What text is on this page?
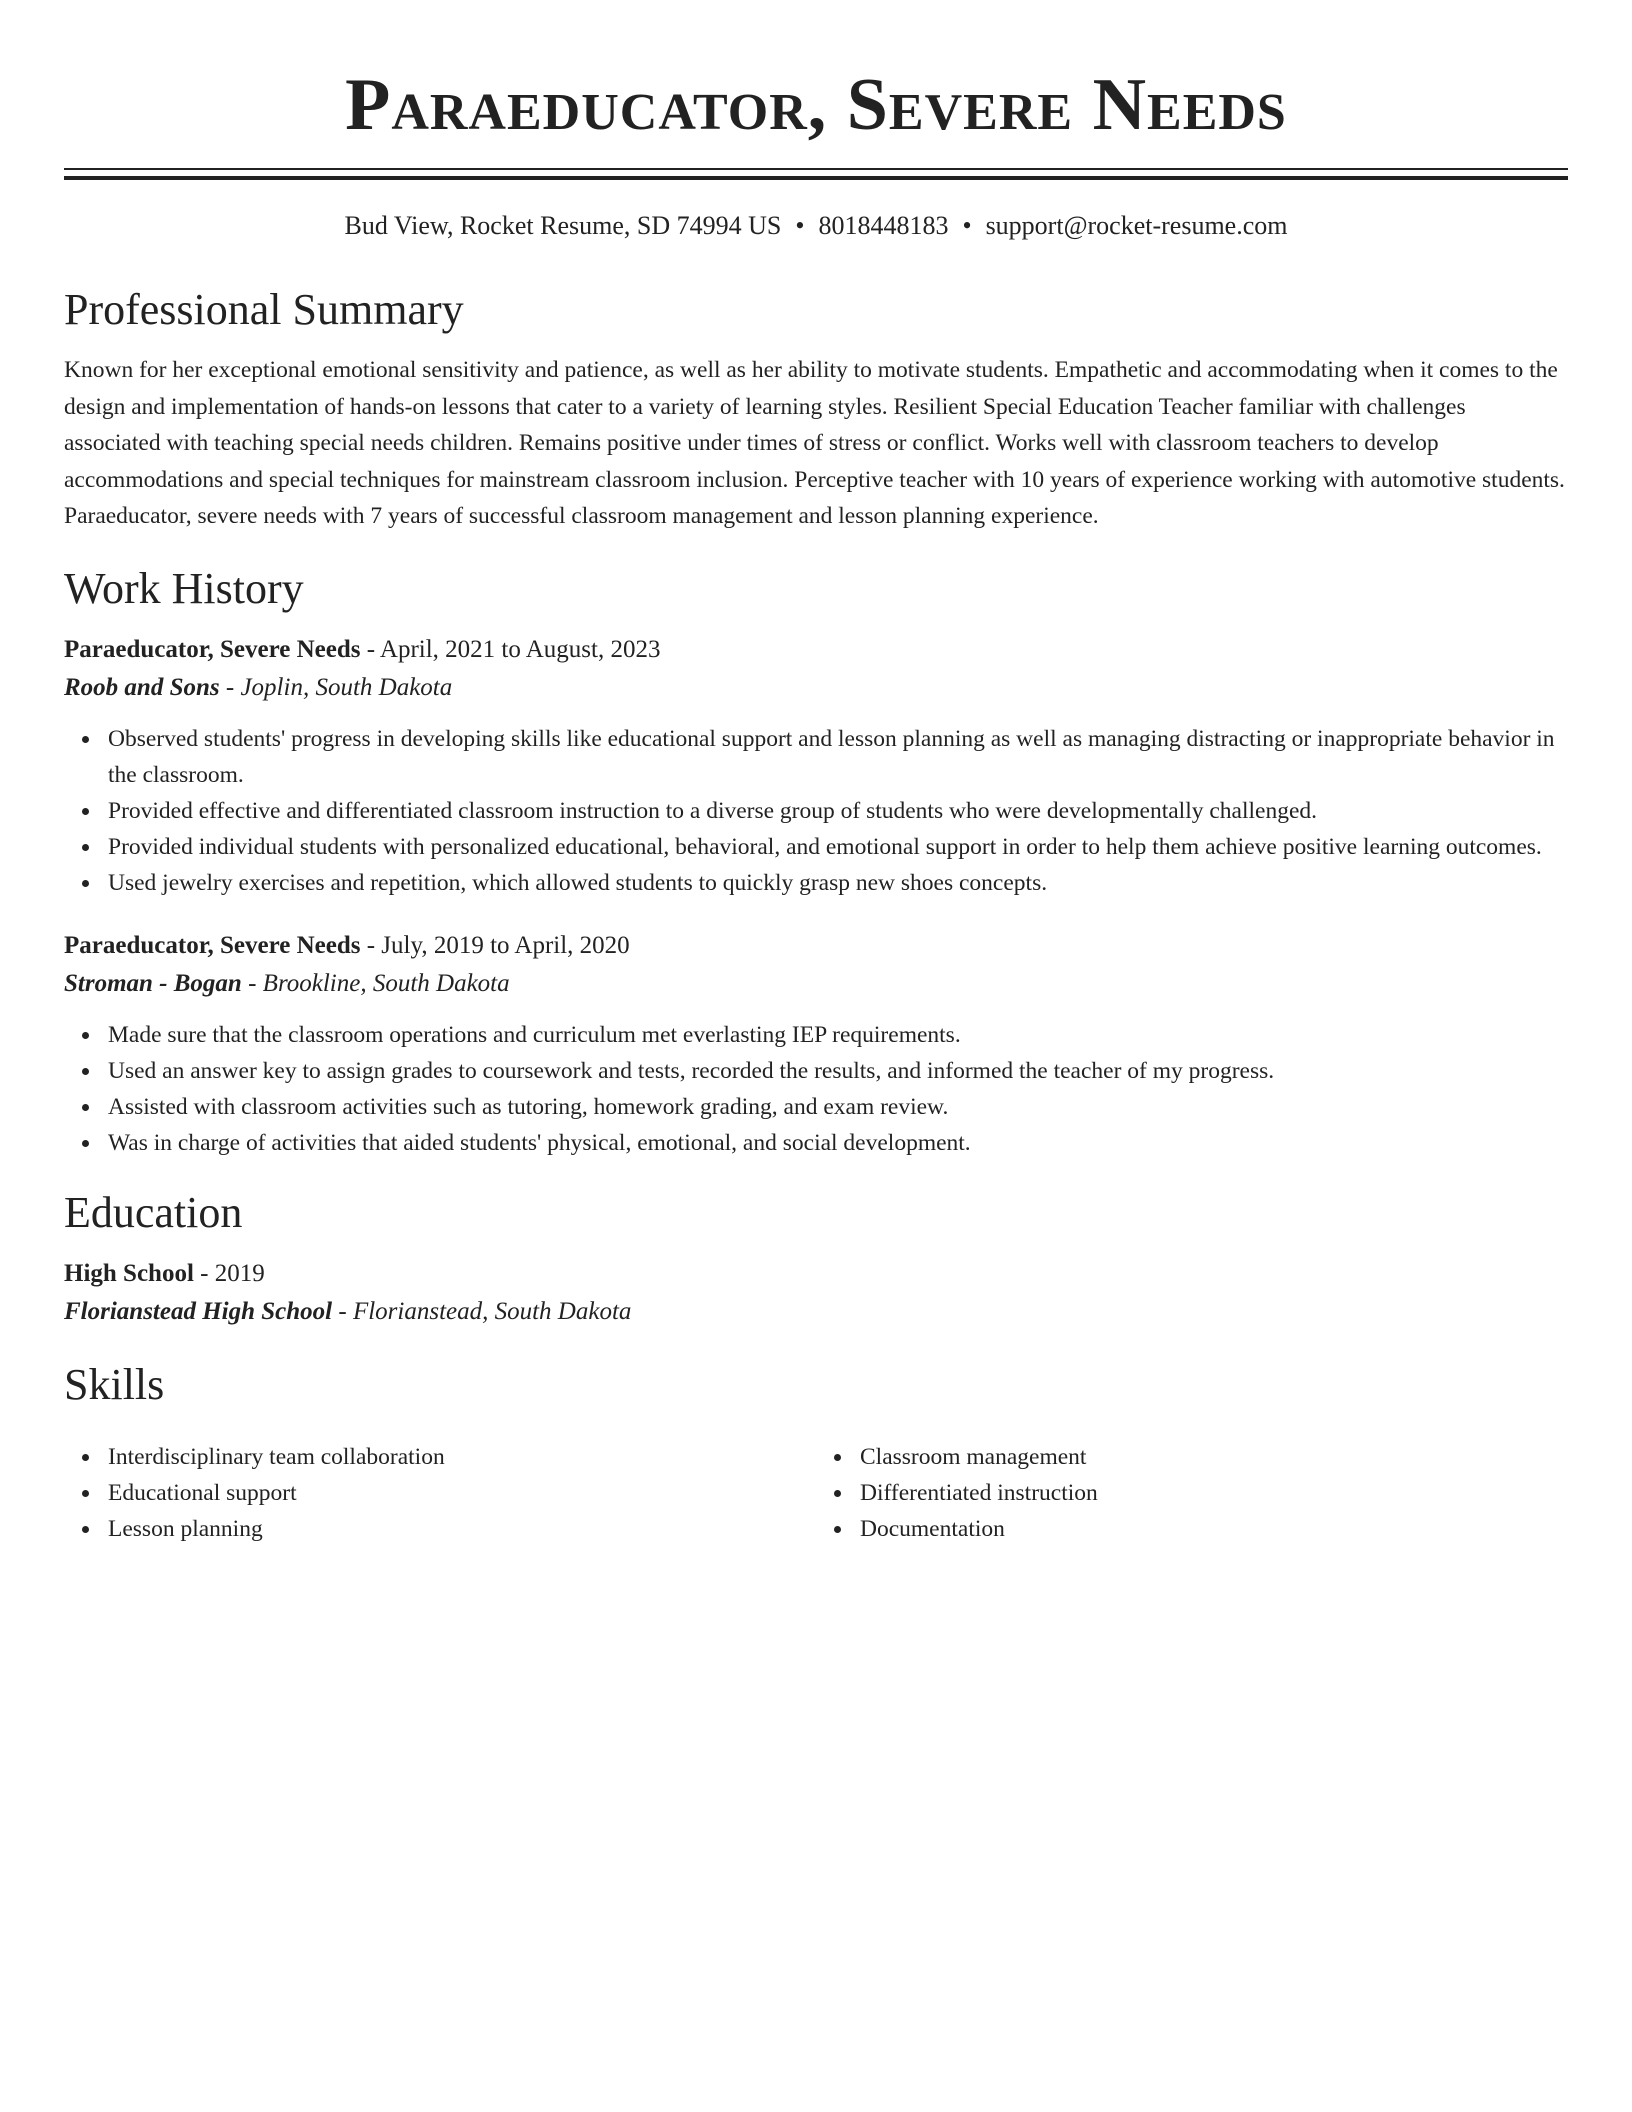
Paraeducator, Severe Needs
Bud View, Rocket Resume, SD 74994 US • 8018448183 • support@rocket-resume.com
Professional Summary
Known for her exceptional emotional sensitivity and patience, as well as her ability to motivate students. Empathetic and accommodating when it comes to the design and implementation of hands-on lessons that cater to a variety of learning styles. Resilient Special Education Teacher familiar with challenges associated with teaching special needs children. Remains positive under times of stress or conflict. Works well with classroom teachers to develop accommodations and special techniques for mainstream classroom inclusion. Perceptive teacher with 10 years of experience working with automotive students. Paraeducator, severe needs with 7 years of successful classroom management and lesson planning experience.
Work History
Paraeducator, Severe Needs - April, 2021 to August, 2023
Roob and Sons - Joplin, South Dakota
Observed students' progress in developing skills like educational support and lesson planning as well as managing distracting or inappropriate behavior in the classroom.
Provided effective and differentiated classroom instruction to a diverse group of students who were developmentally challenged.
Provided individual students with personalized educational, behavioral, and emotional support in order to help them achieve positive learning outcomes.
Used jewelry exercises and repetition, which allowed students to quickly grasp new shoes concepts.
Paraeducator, Severe Needs - July, 2019 to April, 2020
Stroman - Bogan - Brookline, South Dakota
Made sure that the classroom operations and curriculum met everlasting IEP requirements.
Used an answer key to assign grades to coursework and tests, recorded the results, and informed the teacher of my progress.
Assisted with classroom activities such as tutoring, homework grading, and exam review.
Was in charge of activities that aided students' physical, emotional, and social development.
Education
High School - 2019
Florianstead High School - Florianstead, South Dakota
Skills
Interdisciplinary team collaboration
Educational support
Lesson planning
Classroom management
Differentiated instruction
Documentation
